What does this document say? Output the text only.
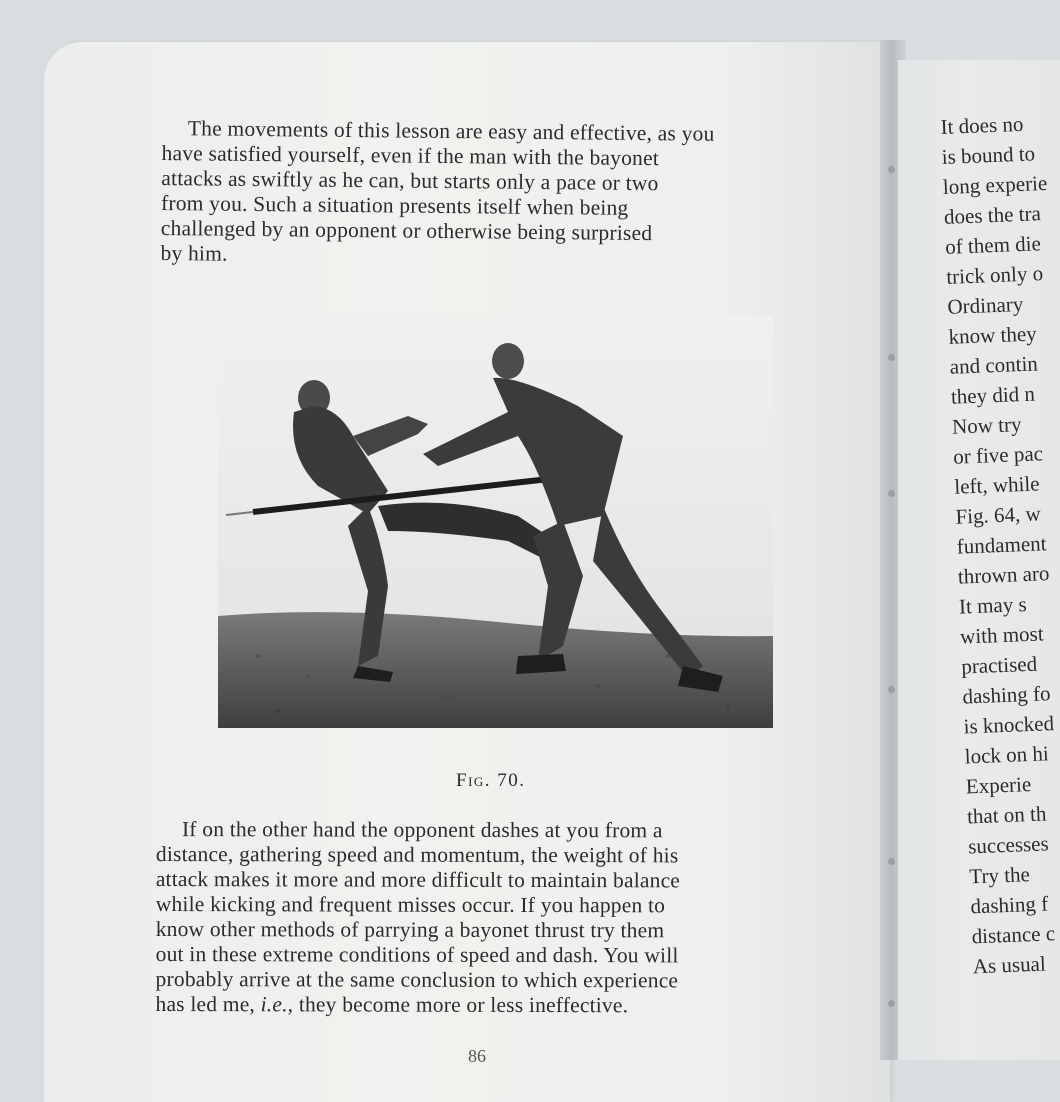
The movements of this lesson are easy and effective, as you
have satisfied yourself, even if the man with the bayonet
attacks as swiftly as he can, but starts only a pace or two
from you. Such a situation presents itself when being
challenged by an opponent or otherwise being surprised
by him.

Fig. 70.

If on the other hand the opponent dashes at you from a
distance, gathering speed and momentum, the weight of his
attack makes it more and more difficult to maintain balance
while kicking and frequent misses occur. If you happen to
know other methods of parrying a bayonet thrust try them
out in these extreme conditions of speed and dash. You will
probably arrive at the same conclusion to which experience
has led me, i.e., they become more or less ineffective.

86
It does no
is bound to
long experie
does the tra
of them die
trick only o
Ordinary
know they
and contin
they did n
Now try
or five pac
left, while
Fig. 64, w
fundament
thrown aro
It may s
with most
practised
dashing fo
is knocked
lock on hi
Experie
that on th
successes
Try the
dashing f
distance c
As usual
